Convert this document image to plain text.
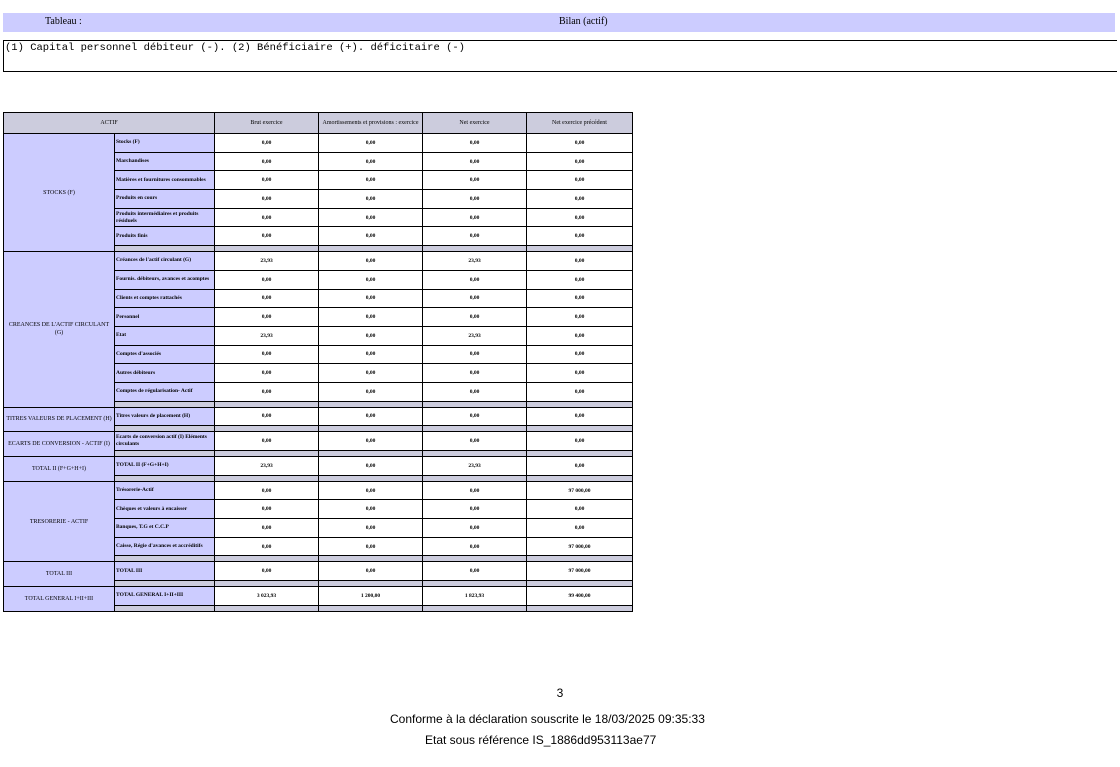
Tableau :	Bilan (actif)
(1) Capital personnel débiteur (-). (2) Bénéficiaire (+). déficitaire (-)
ACTIF		Brut exercice	Amortissements et provisions : exercice	Net exercice	Net exercice précédent
STOCKS (F)	Stocks (F)	0,00	0,00	0,00	0,00
	Marchandises	0,00	0,00	0,00	0,00
	Matières et fournitures consommables	0,00	0,00	0,00	0,00
	Produits en cours	0,00	0,00	0,00	0,00
	Produits intermédiaires et produits résiduels	0,00	0,00	0,00	0,00
	Produits finis	0,00	0,00	0,00	0,00

CREANCES DE L'ACTIF CIRCULANT (G)	Créances de l'actif circulant (G)	23,93	0,00	23,93	0,00
	Fournis. débiteurs, avances et acomptes	0,00	0,00	0,00	0,00
	Clients et comptes rattachés	0,00	0,00	0,00	0,00
	Personnel	0,00	0,00	0,00	0,00
	Etat	23,93	0,00	23,93	0,00
	Comptes d'associés	0,00	0,00	0,00	0,00
	Autres débiteurs	0,00	0,00	0,00	0,00
	Comptes de régularisation- Actif	0,00	0,00	0,00	0,00

TITRES VALEURS DE PLACEMENT (H)	Titres valeurs de placement (H)	0,00	0,00	0,00	0,00

ECARTS DE CONVERSION - ACTIF (I)	Ecarts de conversion actif (I) Eléments circulants	0,00	0,00	0,00	0,00

TOTAL II (F+G+H+I)	TOTAL II (F+G+H+I)	23,93	0,00	23,93	0,00

TRESORERIE - ACTIF	Trésorerie-Actif	0,00	0,00	0,00	97 000,00
	Chèques et valeurs à encaisser	0,00	0,00	0,00	0,00
	Banques, T.G et C.C.P	0,00	0,00	0,00	0,00
	Caisse, Régie d'avances et accréditifs	0,00	0,00	0,00	97 000,00

TOTAL III	TOTAL III	0,00	0,00	0,00	97 000,00

TOTAL GENERAL I+II+III	TOTAL GENERAL I+II+III	3 023,93	1 200,00	1 823,93	99 400,00

3
Conforme à la déclaration souscrite le 18/03/2025 09:35:33
Etat sous référence IS_1886dd953113ae77
